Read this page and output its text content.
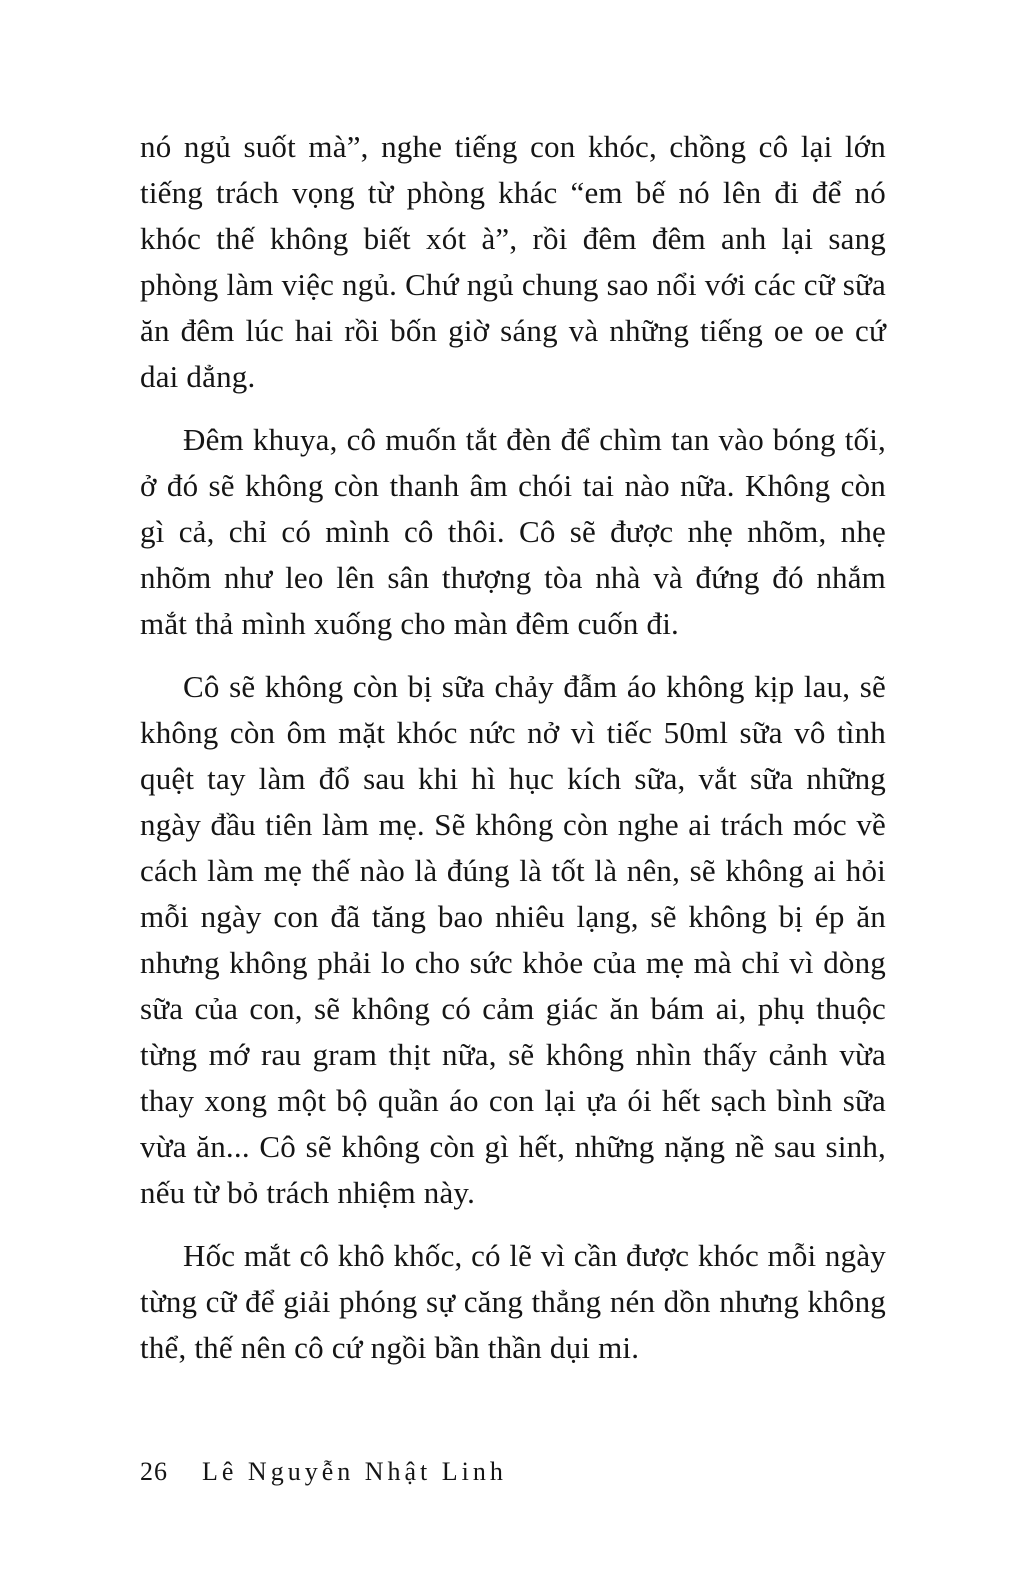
nó ngủ suốt mà”, nghe tiếng con khóc, chồng cô lại lớn tiếng trách vọng từ phòng khác “em bế nó lên đi để nó khóc thế không biết xót à”, rồi đêm đêm anh lại sang phòng làm việc ngủ. Chứ ngủ chung sao nổi với các cữ sữa ăn đêm lúc hai rồi bốn giờ sáng và những tiếng oe oe cứ dai dẳng.

Đêm khuya, cô muốn tắt đèn để chìm tan vào bóng tối, ở đó sẽ không còn thanh âm chói tai nào nữa. Không còn gì cả, chỉ có mình cô thôi. Cô sẽ được nhẹ nhõm, nhẹ nhõm như leo lên sân thượng tòa nhà và đứng đó nhắm mắt thả mình xuống cho màn đêm cuốn đi.

Cô sẽ không còn bị sữa chảy đẫm áo không kịp lau, sẽ không còn ôm mặt khóc nức nở vì tiếc 50ml sữa vô tình quệt tay làm đổ sau khi hì hục kích sữa, vắt sữa những ngày đầu tiên làm mẹ. Sẽ không còn nghe ai trách móc về cách làm mẹ thế nào là đúng là tốt là nên, sẽ không ai hỏi mỗi ngày con đã tăng bao nhiêu lạng, sẽ không bị ép ăn nhưng không phải lo cho sức khỏe của mẹ mà chỉ vì dòng sữa của con, sẽ không có cảm giác ăn bám ai, phụ thuộc từng mớ rau gram thịt nữa, sẽ không nhìn thấy cảnh vừa thay xong một bộ quần áo con lại ựa ói hết sạch bình sữa vừa ăn... Cô sẽ không còn gì hết, những nặng nề sau sinh, nếu từ bỏ trách nhiệm này.

Hốc mắt cô khô khốc, có lẽ vì cần được khóc mỗi ngày từng cữ để giải phóng sự căng thẳng nén dồn nhưng không thể, thế nên cô cứ ngồi bần thần dụi mi.

26 Lê Nguyễn Nhật Linh
